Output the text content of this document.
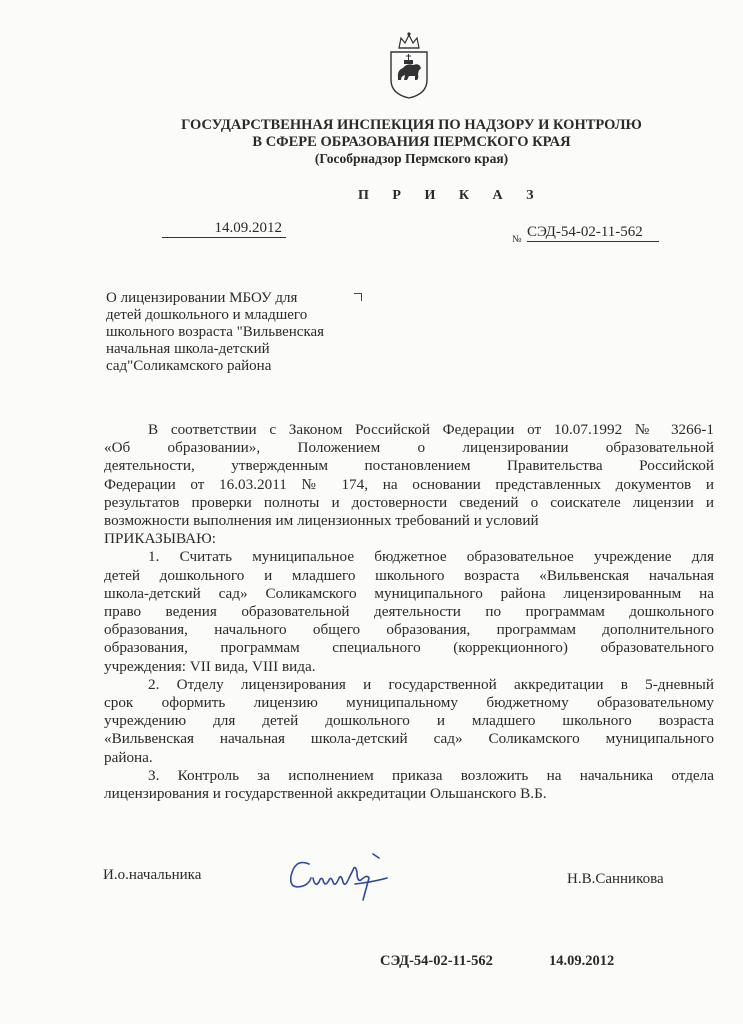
ГОСУДАРСТВЕННАЯ ИНСПЕКЦИЯ ПО НАДЗОРУ И КОНТРОЛЮ
В СФЕРЕ ОБРАЗОВАНИЯ ПЕРМСКОГО КРАЯ
(Гособрнадзор Пермского края)
П Р И К А З
14.09.2012
№ СЭД-54-02-11-562
О лицензировании МБОУ для
детей дошкольного и младшего
школьного возраста "Вильвенская
начальная школа-детский
сад"Соликамского района
В соответствии с Законом Российской Федерации от 10.07.1992 № 3266-1
«Об образовании», Положением о лицензировании образовательной
деятельности, утвержденным постановлением Правительства Российской
Федерации от 16.03.2011 № 174, на основании представленных документов и
результатов проверки полноты и достоверности сведений о соискателе лицензии и
возможности выполнения им лицензионных требований и условий
ПРИКАЗЫВАЮ:
1. Считать муниципальное бюджетное образовательное учреждение для
детей дошкольного и младшего школьного возраста «Вильвенская начальная
школа-детский сад» Соликамского муниципального района лицензированным на
право ведения образовательной деятельности по программам дошкольного
образования, начального общего образования, программам дополнительного
образования, программам специального (коррекционного) образовательного
учреждения: VII вида, VIII вида.
2. Отделу лицензирования и государственной аккредитации в 5-дневный
срок оформить лицензию муниципальному бюджетному образовательному
учреждению для детей дошкольного и младшего школьного возраста
«Вильвенская начальная школа-детский сад» Соликамского муниципального
района.
3. Контроль за исполнением приказа возложить на начальника отдела
лицензирования и государственной аккредитации Ольшанского В.Б.
И.о.начальника	Н.В.Санникова
СЭД-54-02-11-562	14.09.2012
